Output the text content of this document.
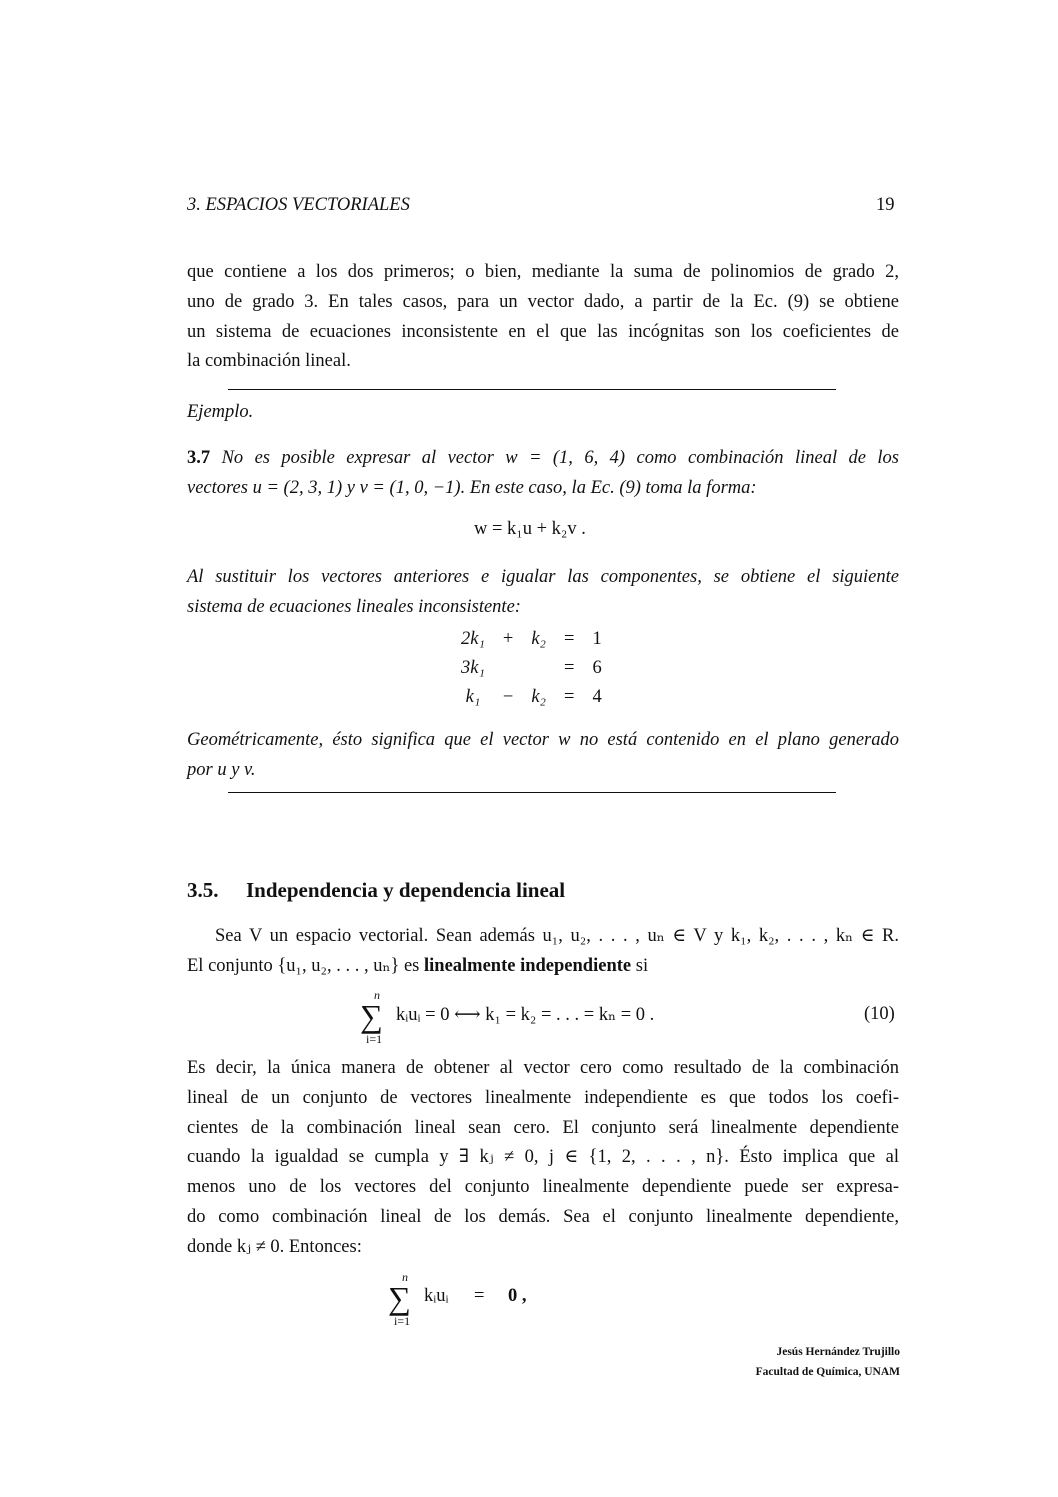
3. ESPACIOS VECTORIALES	19
que contiene a los dos primeros; o bien, mediante la suma de polinomios de grado 2,
uno de grado 3. En tales casos, para un vector dado, a partir de la Ec. (9) se obtiene
un sistema de ecuaciones inconsistente en el que las incógnitas son los coeficientes de
la combinación lineal.
Ejemplo.
3.7 No es posible expresar al vector w = (1, 6, 4) como combinación lineal de los
vectores u = (2, 3, 1) y v = (1, 0, −1). En este caso, la Ec. (9) toma la forma:
w = k₁u + k₂v .
Al sustituir los vectores anteriores e igualar las componentes, se obtiene el siguiente
sistema de ecuaciones lineales inconsistente:
2k₁	+	k₂	=	1
3k₁			=	6
k₁	−	k₂	=	4
Geométricamente, ésto significa que el vector w no está contenido en el plano generado
por u y v.
3.5. Independencia y dependencia lineal
Sea V un espacio vectorial. Sean además u₁, u₂, . . . , uₙ ∈ V y k₁, k₂, . . . , kₙ ∈ R.
El conjunto {u₁, u₂, . . . , uₙ} es linealmente independiente si
n
∑
i=1
kᵢuᵢ = 0 ⟷ k₁ = k₂ = . . . = kₙ = 0 .	(10)
Es decir, la única manera de obtener al vector cero como resultado de la combinación
lineal de un conjunto de vectores linealmente independiente es que todos los coefi-
cientes de la combinación lineal sean cero. El conjunto será linealmente dependiente
cuando la igualdad se cumpla y ∃ kⱼ ≠ 0, j ∈ {1, 2, . . . , n}. Ésto implica que al
menos uno de los vectores del conjunto linealmente dependiente puede ser expresa-
do como combinación lineal de los demás. Sea el conjunto linealmente dependiente,
donde kⱼ ≠ 0. Entonces:
n
∑
i=1
kᵢuᵢ = 0 ,
Jesús Hernández Trujillo
Facultad de Química, UNAM
